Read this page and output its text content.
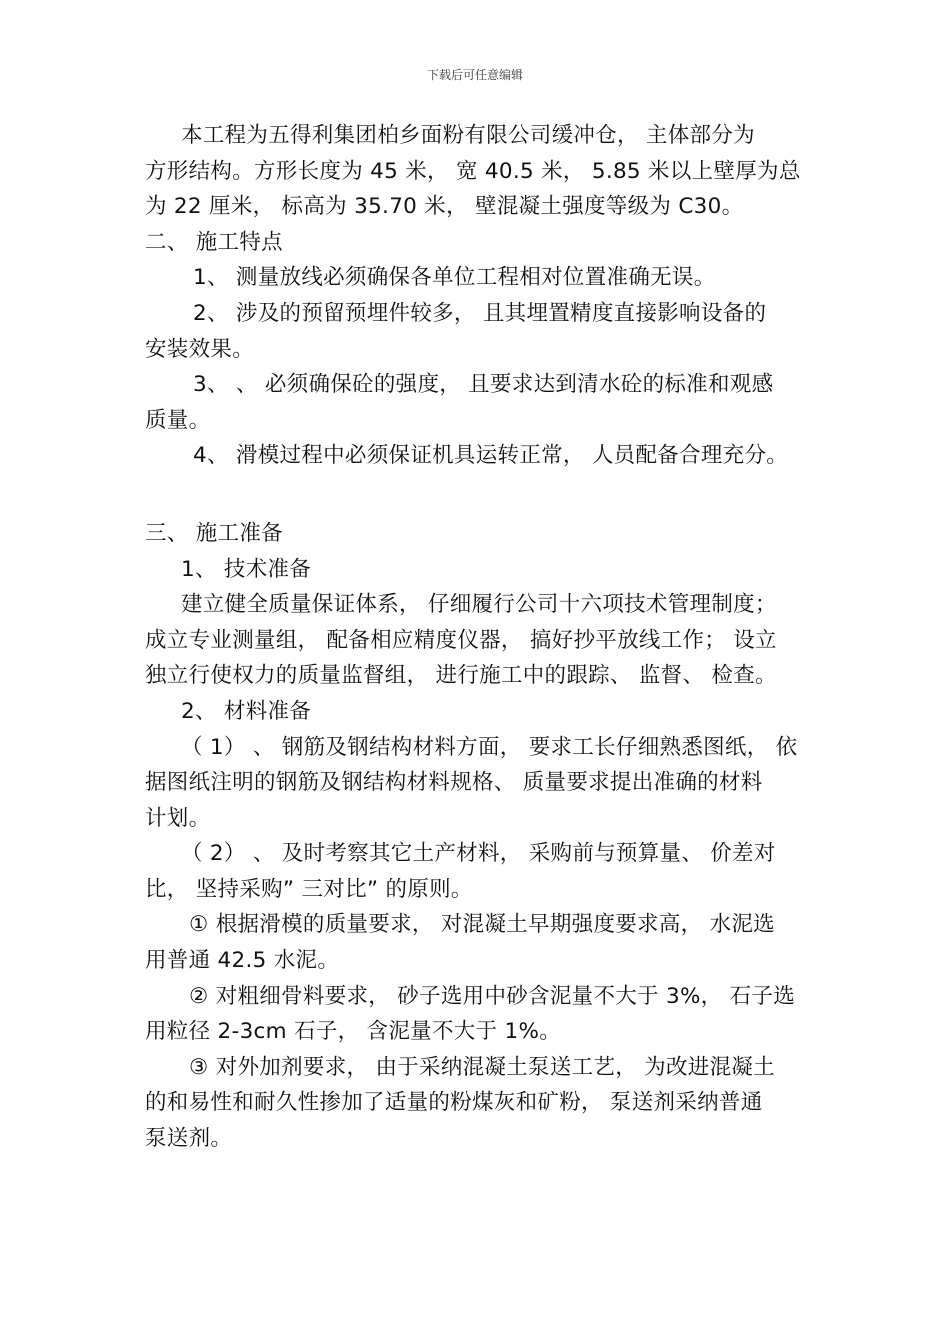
下载后可任意编辑

本工程为五得利集团柏乡面粉有限公司缓冲仓， 主体部分为

方形结构。方形长度为 45 米， 宽 40.5 米， 5.85 米以上壁厚为总

为 22 厘米， 标高为 35.70 米， 壁混凝土强度等级为 C30。

二、 施工特点

1、 测量放线必须确保各单位工程相对位置准确无误。

2、 涉及的预留预埋件较多， 且其埋置精度直接影响设备的

安装效果。

3、 、 必须确保砼的强度， 且要求达到清水砼的标准和观感

质量。

4、 滑模过程中必须保证机具运转正常， 人员配备合理充分。

三、 施工准备

1、 技术准备

建立健全质量保证体系， 仔细履行公司十六项技术管理制度；

成立专业测量组， 配备相应精度仪器， 搞好抄平放线工作； 设立

独立行使权力的质量监督组， 进行施工中的跟踪、 监督、 检查。

2、 材料准备

（ 1） 、 钢筋及钢结构材料方面， 要求工长仔细熟悉图纸， 依

据图纸注明的钢筋及钢结构材料规格、 质量要求提出准确的材料

计划。

（ 2） 、 及时考察其它土产材料， 采购前与预算量、 价差对

比， 坚持采购” 三对比” 的原则。

① 根据滑模的质量要求， 对混凝土早期强度要求高， 水泥选

用普通 42.5 水泥。

② 对粗细骨料要求， 砂子选用中砂含泥量不大于 3%， 石子选

用粒径 2-3cm 石子， 含泥量不大于 1%。

③ 对外加剂要求， 由于采纳混凝土泵送工艺， 为改进混凝土

的和易性和耐久性掺加了适量的粉煤灰和矿粉， 泵送剂采纳普通

泵送剂。
